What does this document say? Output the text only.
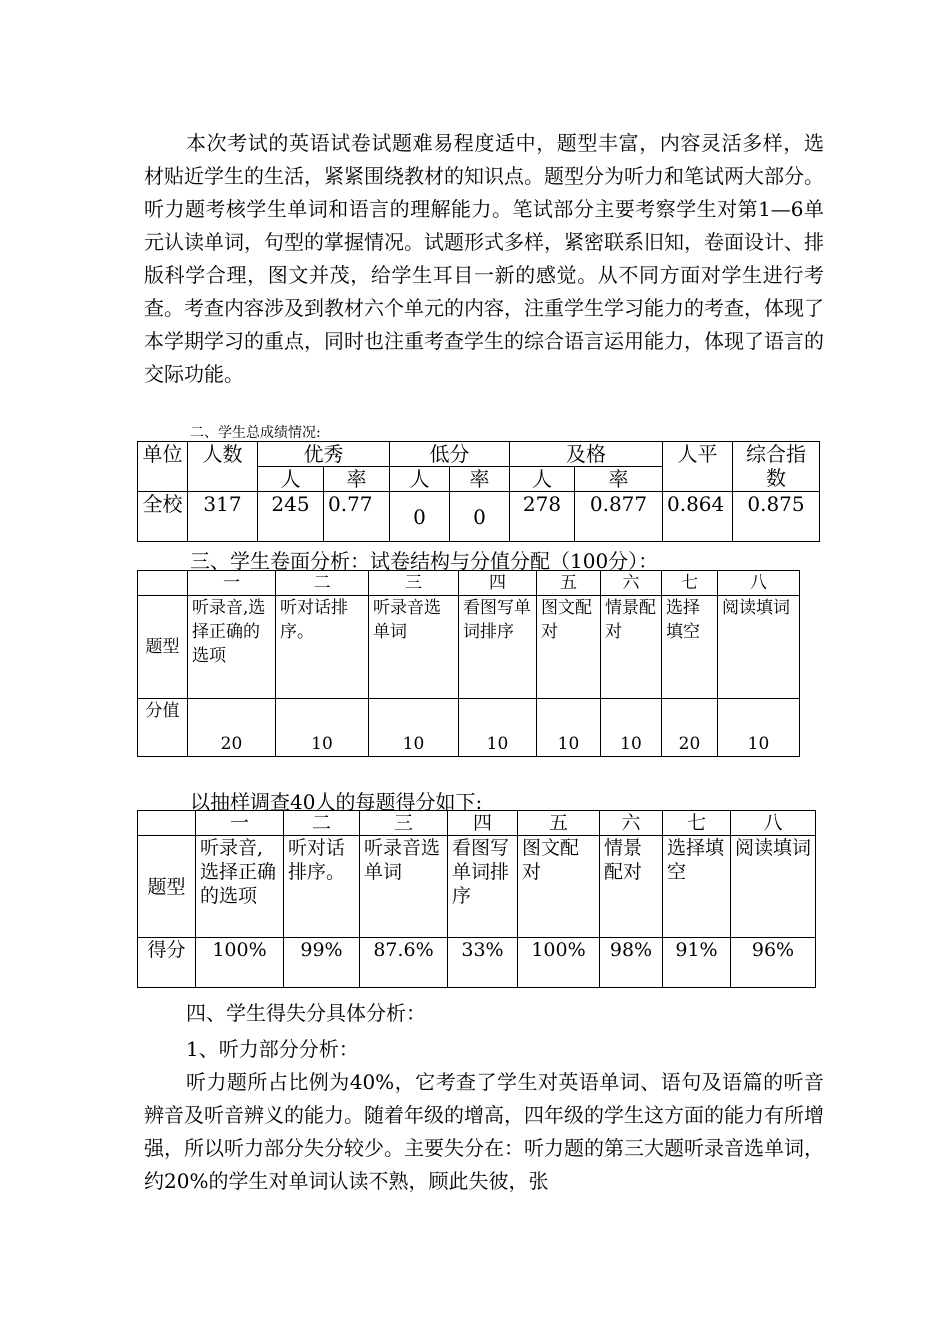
本次考试的英语试卷试题难易程度适中，题型丰富，内容灵活多样，选材贴近学生的生活，紧紧围绕教材的知识点。题型分为听力和笔试两大部分。听力题考核学生单词和语言的理解能力。笔试部分主要考察学生对第1—6单元认读单词，句型的掌握情况。试题形式多样，紧密联系旧知，卷面设计、排版科学合理，图文并茂，给学生耳目一新的感觉。从不同方面对学生进行考查。考查内容涉及到教材六个单元的内容，注重学生学习能力的考查，体现了本学期学习的重点，同时也注重考查学生的综合语言运用能力，体现了语言的交际功能。

二、学生总成绩情况:
单位	人数	优秀		低分		及格		人平	综合指数
		人	率	人	率	人	率		
全校	317	245	0.77	0	0	278	0.877	0.864	0.875
三、学生卷面分析：试卷结构与分值分配（100分）：
	一	二	三	四	五	六	七	八
题型	听录音,选择正确的选项	听对话排序。	听录音选单词	看图写单词排序	图文配对	情景配对	选择填空	阅读填词
分值	20	10	10	10	10	10	20	10
以抽样调查40人的每题得分如下:
	一	二	三	四	五	六	七	八
题型	听录音,选择正确的选项	听对话排序。	听录音选单词	看图写单词排序	图文配对	情景配对	选择填空	阅读填词
得分	100%	99%	87.6%	33%	100%	98%	91%	96%
四、学生得失分具体分析：
1、听力部分分析：

听力题所占比例为40%，它考查了学生对英语单词、语句及语篇的听音辨音及听音辨义的能力。随着年级的增高，四年级的学生这方面的能力有所增强，所以听力部分失分较少。主要失分在：听力题的第三大题听录音选单词，约20%的学生对单词认读不熟，顾此失彼，张
